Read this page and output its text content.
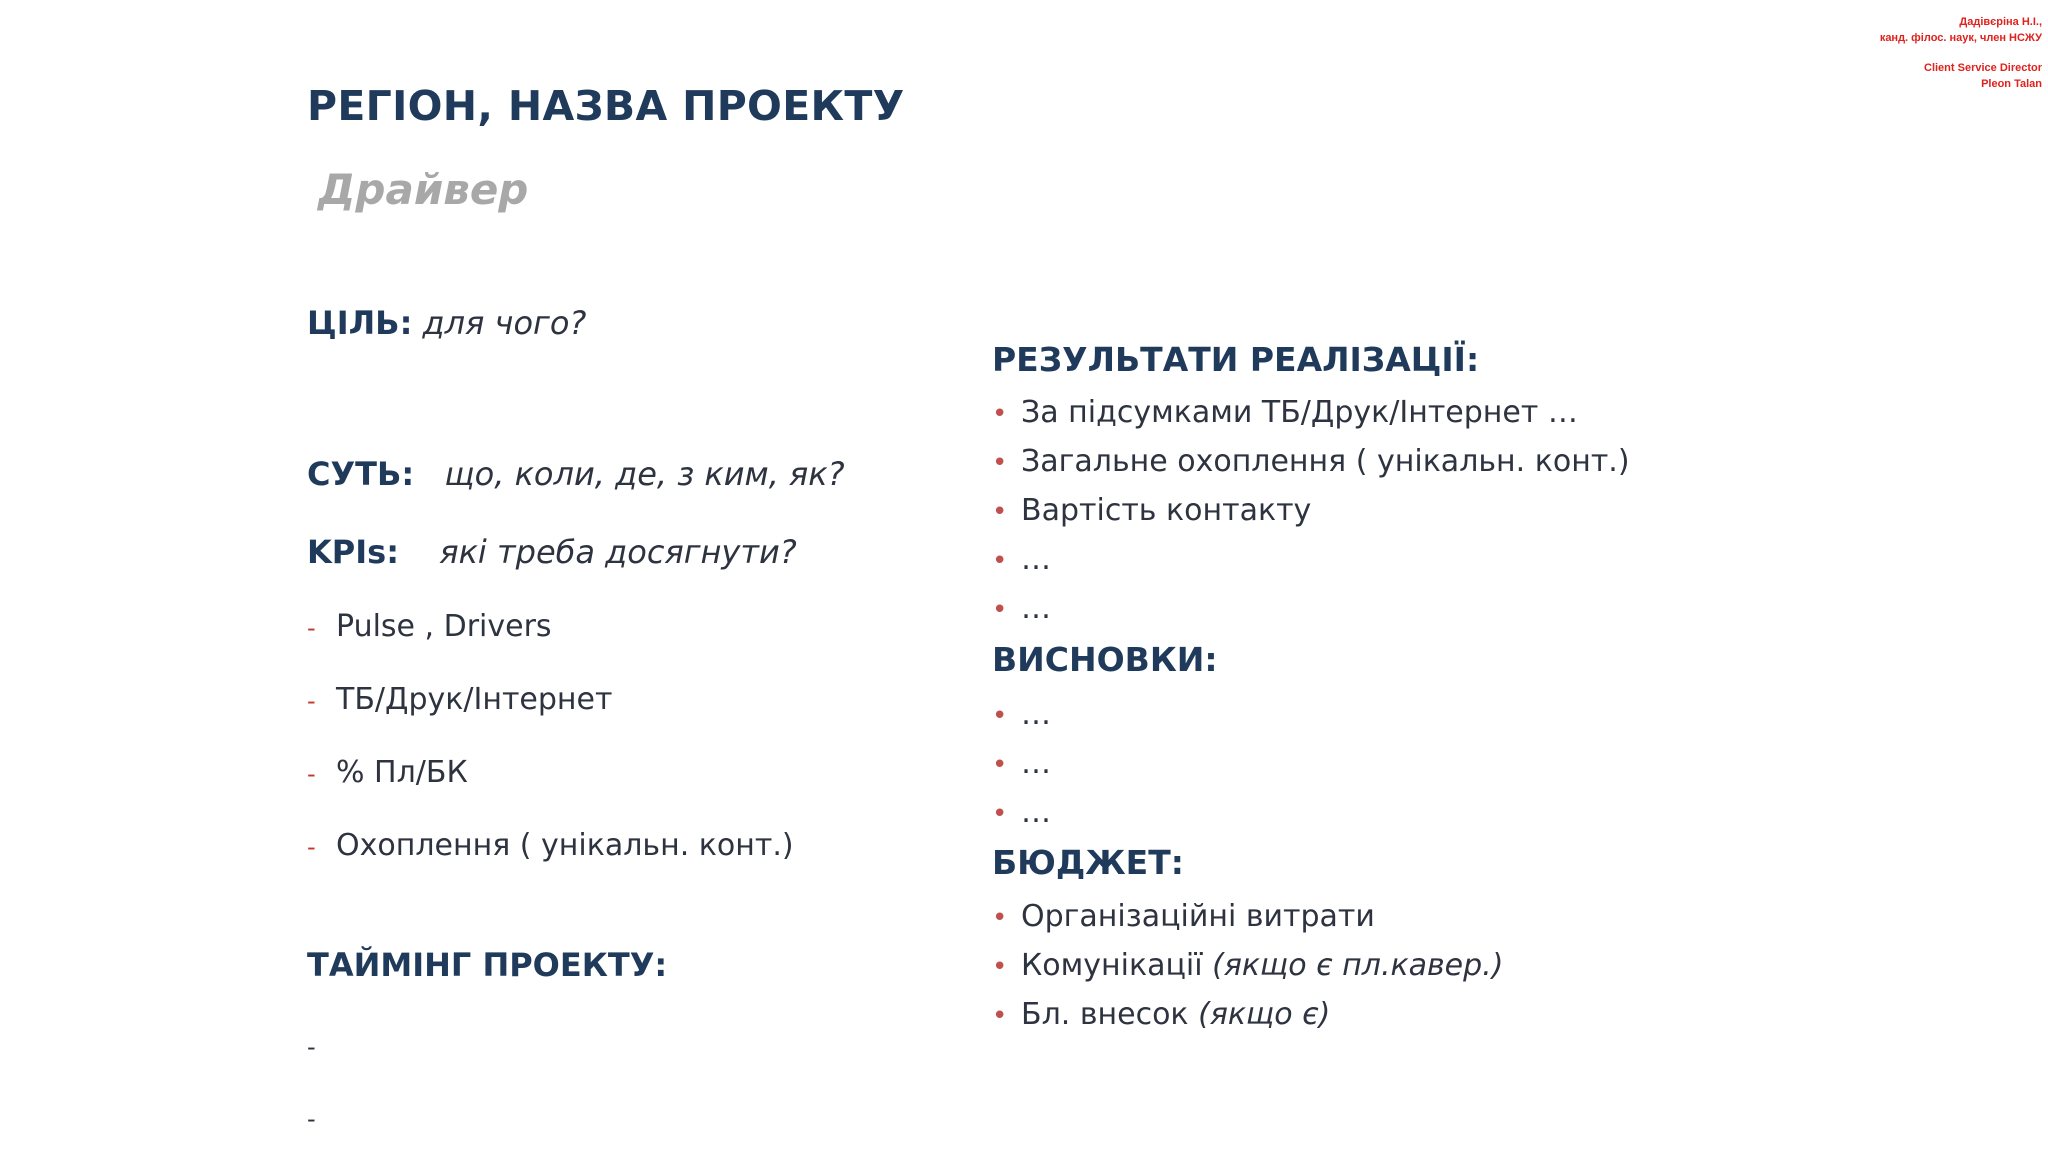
Дадівєріна Н.І.,
канд. філос. наук, член НСЖУ
Client Service Director
Pleon Talan
РЕГІОН, НАЗВА ПРОЕКТУ
Драйвер
ЦІЛЬ: для чого?
СУТЬ: що, коли, де, з ким, як?
KPIs: які треба досягнути?
- Pulse , Drivers
- ТБ/Друк/Інтернет
- % Пл/БК
- Охоплення ( унікальн. конт.)
ТАЙМІНГ ПРОЕКТУ:
-
-
РЕЗУЛЬТАТИ РЕАЛІЗАЦІЇ:
• За підсумками ТБ/Друк/Інтернет …
• Загальне охоплення ( унікальн. конт.)
• Вартість контакту
• …
• …
ВИСНОВКИ:
• …
• …
• …
БЮДЖЕТ:
• Організаційні витрати
• Комунікації (якщо є пл.кавер.)
• Бл. внесок (якщо є)
